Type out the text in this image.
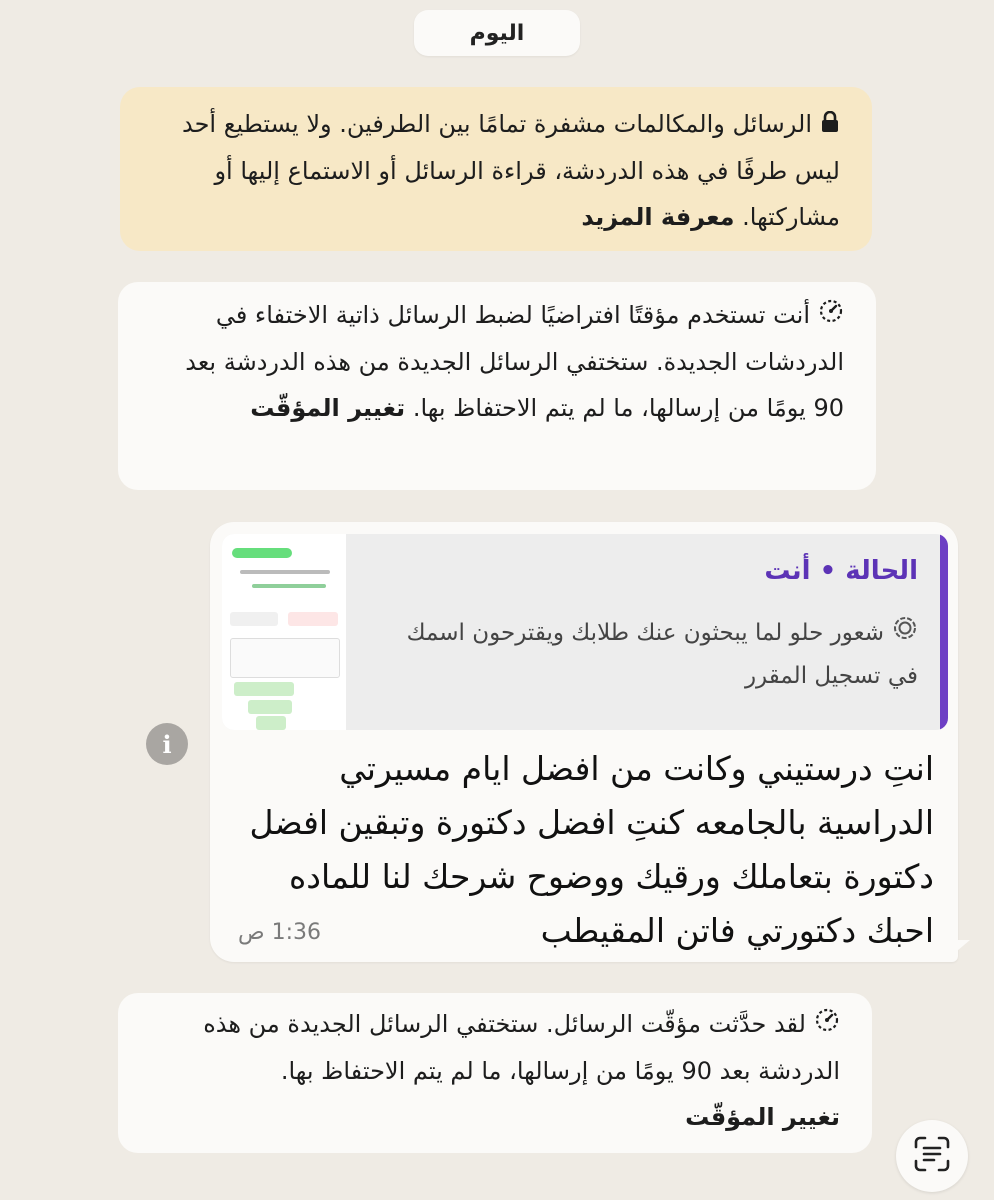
اليوم
الرسائل والمكالمات مشفرة تمامًا بين الطرفين. ولا يستطيع أحد ليس طرفًا في هذه الدردشة، قراءة الرسائل أو الاستماع إليها أو مشاركتها. معرفة المزيد
أنت تستخدم مؤقتًا افتراضيًا لضبط الرسائل ذاتية الاختفاء في الدردشات الجديدة. ستختفي الرسائل الجديدة من هذه الدردشة بعد 90 يومًا من إرسالها، ما لم يتم الاحتفاظ بها. تغيير المؤقّت
i
الحالة • أنت
شعور حلو لما يبحثون عنك طلابك ويقترحون اسمك في تسجيل المقرر
انتِ درستيني وكانت من افضل ايام مسيرتي الدراسية بالجامعه كنتِ افضل دكتورة وتبقين افضل دكتورة بتعاملك ورقيك ووضوح شرحك لنا للماده احبك دكتورتي فاتن المقيطب
1:36 ص
لقد حدَّثت مؤقّت الرسائل. ستختفي الرسائل الجديدة من هذه الدردشة بعد 90 يومًا من إرسالها، ما لم يتم الاحتفاظ بها.
تغيير المؤقّت
